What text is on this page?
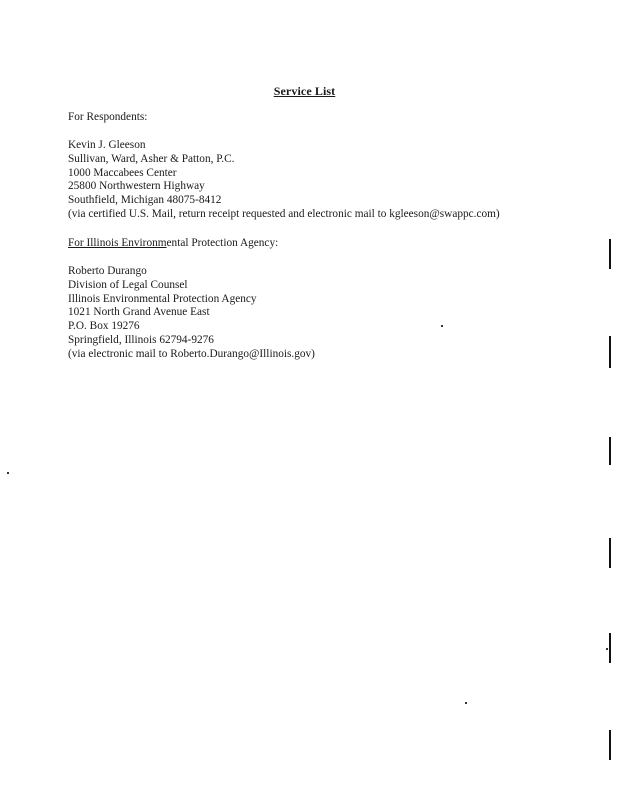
Service List
For Respondents:
Kevin J. Gleeson
Sullivan, Ward, Asher & Patton, P.C.
1000 Maccabees Center
25800 Northwestern Highway
Southfield, Michigan 48075-8412
(via certified U.S. Mail, return receipt requested and electronic mail to kgleeson@swappc.com)
For Illinois Environmental Protection Agency:
Roberto Durango
Division of Legal Counsel
Illinois Environmental Protection Agency
1021 North Grand Avenue East
P.O. Box 19276
Springfield, Illinois 62794-9276
(via electronic mail to Roberto.Durango@Illinois.gov)
